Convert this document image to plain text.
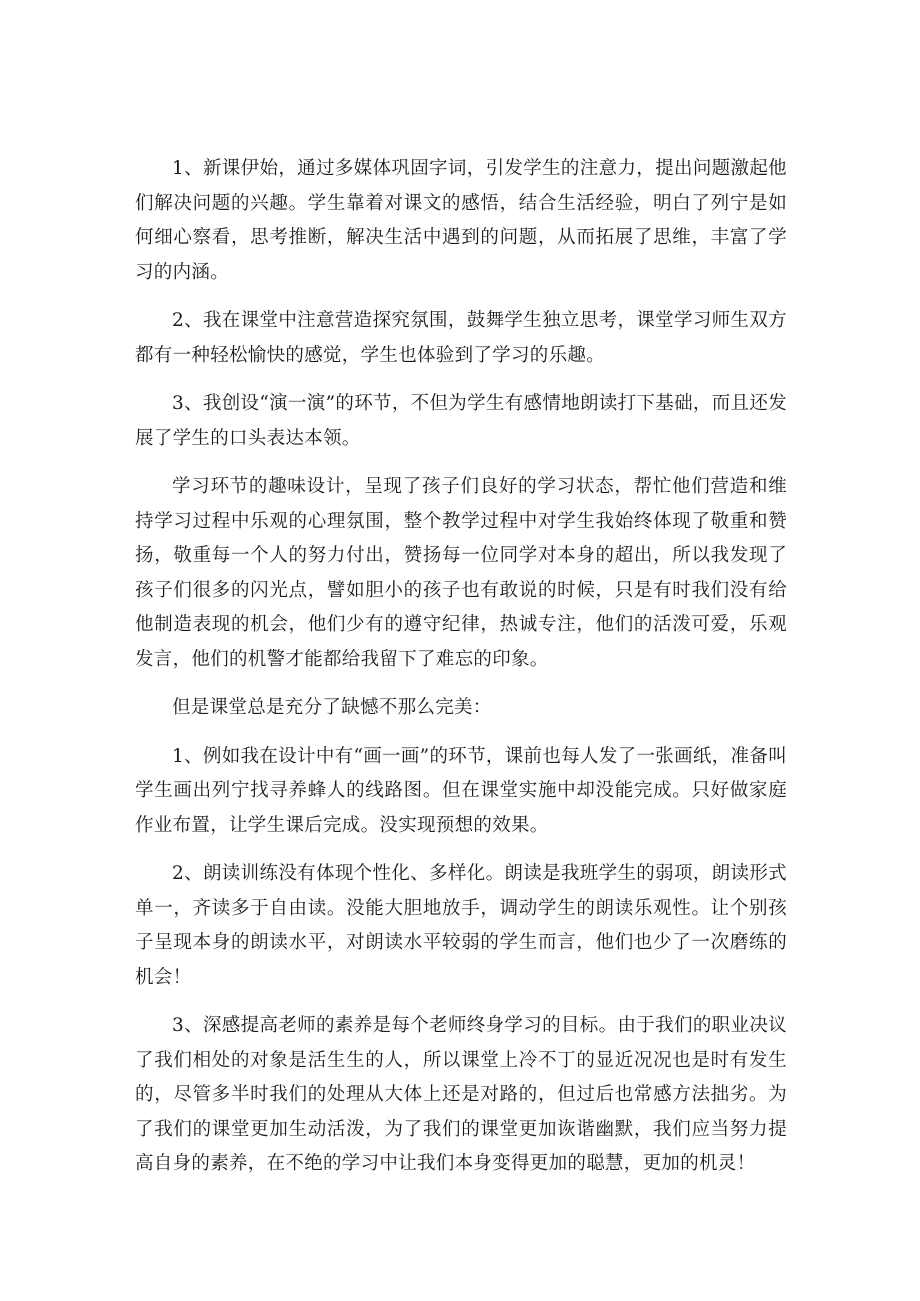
1、新课伊始，通过多媒体巩固字词，引发学生的注意力，提出问题激起他们解决问题的兴趣。学生靠着对课文的感悟，结合生活经验，明白了列宁是如何细心察看，思考推断，解决生活中遇到的问题，从而拓展了思维，丰富了学习的内涵。

2、我在课堂中注意营造探究氛围，鼓舞学生独立思考，课堂学习师生双方都有一种轻松愉快的感觉，学生也体验到了学习的乐趣。

3、我创设“演一演”的环节，不但为学生有感情地朗读打下基础，而且还发展了学生的口头表达本领。

学习环节的趣味设计，呈现了孩子们良好的学习状态，帮忙他们营造和维持学习过程中乐观的心理氛围，整个教学过程中对学生我始终体现了敬重和赞扬，敬重每一个人的努力付出，赞扬每一位同学对本身的超出，所以我发现了孩子们很多的闪光点，譬如胆小的孩子也有敢说的时候，只是有时我们没有给他制造表现的机会，他们少有的遵守纪律，热诚专注，他们的活泼可爱，乐观发言，他们的机警才能都给我留下了难忘的印象。

但是课堂总是充分了缺憾不那么完美：

1、例如我在设计中有“画一画”的环节，课前也每人发了一张画纸，准备叫学生画出列宁找寻养蜂人的线路图。但在课堂实施中却没能完成。只好做家庭作业布置，让学生课后完成。没实现预想的效果。

2、朗读训练没有体现个性化、多样化。朗读是我班学生的弱项，朗读形式单一，齐读多于自由读。没能大胆地放手，调动学生的朗读乐观性。让个别孩子呈现本身的朗读水平，对朗读水平较弱的学生而言，他们也少了一次磨练的机会！

3、深感提高老师的素养是每个老师终身学习的目标。由于我们的职业决议了我们相处的对象是活生生的人，所以课堂上冷不丁的显近况况也是时有发生的，尽管多半时我们的处理从大体上还是对路的，但过后也常感方法拙劣。为了我们的课堂更加生动活泼，为了我们的课堂更加诙谐幽默，我们应当努力提高自身的素养，在不绝的学习中让我们本身变得更加的聪慧，更加的机灵！
